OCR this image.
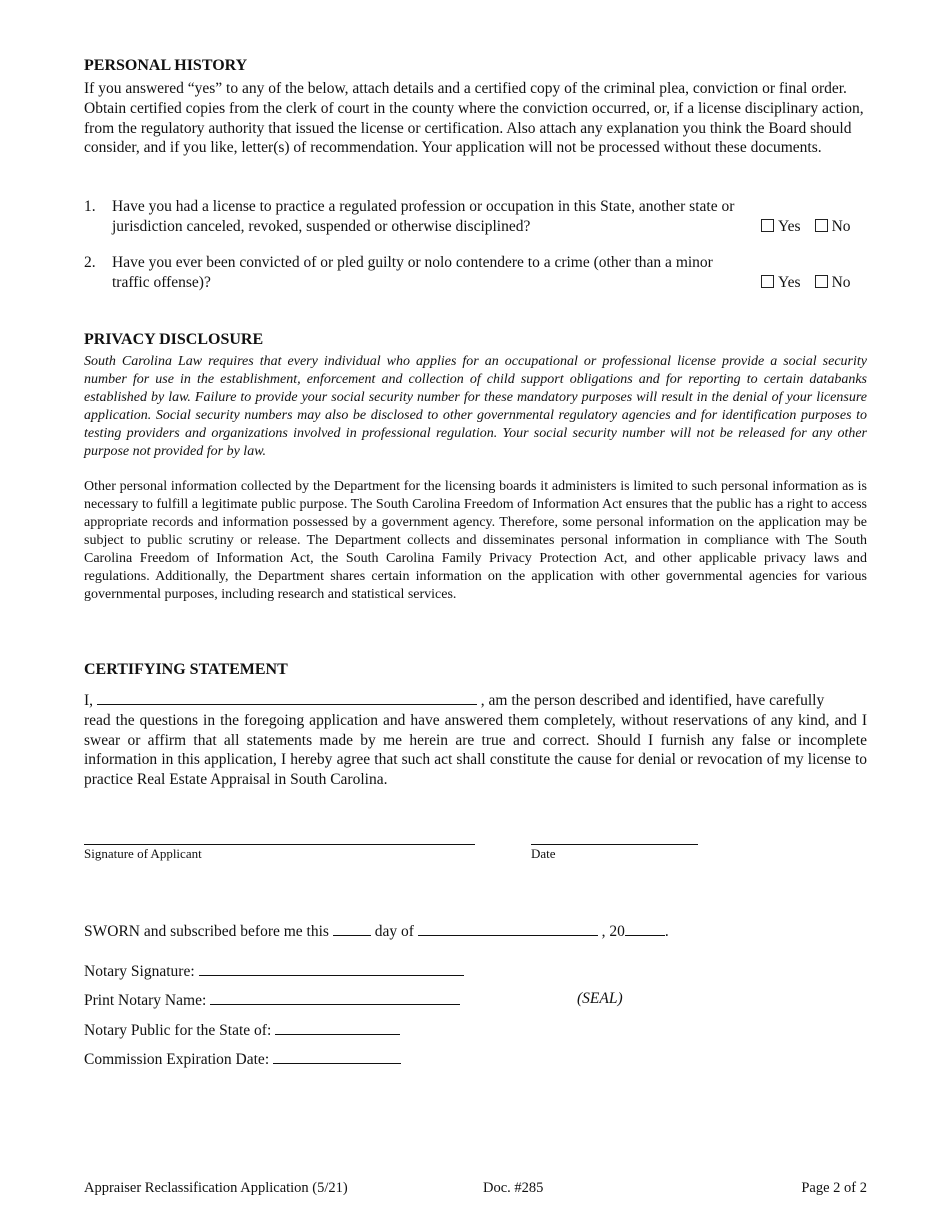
PERSONAL HISTORY
If you answered “yes” to any of the below, attach details and a certified copy of the criminal plea, conviction or final order. Obtain certified copies from the clerk of court in the county where the conviction occurred, or, if a license disciplinary action, from the regulatory authority that issued the license or certification. Also attach any explanation you think the Board should consider, and if you like, letter(s) of recommendation. Your application will not be processed without these documents.
1. Have you had a license to practice a regulated profession or occupation in this State, another state or jurisdiction canceled, revoked, suspended or otherwise disciplined?	Yes No
2. Have you ever been convicted of or pled guilty or nolo contendere to a crime (other than a minor traffic offense)?	Yes No
PRIVACY DISCLOSURE
South Carolina Law requires that every individual who applies for an occupational or professional license provide a social security number for use in the establishment, enforcement and collection of child support obligations and for reporting to certain databanks established by law. Failure to provide your social security number for these mandatory purposes will result in the denial of your licensure application. Social security numbers may also be disclosed to other governmental regulatory agencies and for identification purposes to testing providers and organizations involved in professional regulation. Your social security number will not be released for any other purpose not provided for by law.
Other personal information collected by the Department for the licensing boards it administers is limited to such personal information as is necessary to fulfill a legitimate public purpose. The South Carolina Freedom of Information Act ensures that the public has a right to access appropriate records and information possessed by a government agency. Therefore, some personal information on the application may be subject to public scrutiny or release. The Department collects and disseminates personal information in compliance with The South Carolina Freedom of Information Act, the South Carolina Family Privacy Protection Act, and other applicable privacy laws and regulations. Additionally, the Department shares certain information on the application with other governmental agencies for various governmental purposes, including research and statistical services.
CERTIFYING STATEMENT
I,	, am the person described and identified, have carefully
read the questions in the foregoing application and have answered them completely, without reservations of any kind, and I swear or affirm that all statements made by me herein are true and correct. Should I furnish any false or incomplete information in this application, I hereby agree that such act shall constitute the cause for denial or revocation of my license to practice Real Estate Appraisal in South Carolina.
Signature of Applicant	Date
SWORN and subscribed before me this	day of	, 20	.
Notary Signature:
Print Notary Name:	(SEAL)
Notary Public for the State of:
Commission Expiration Date:
Appraiser Reclassification Application (5/21)	Doc. #285	Page 2 of 2
